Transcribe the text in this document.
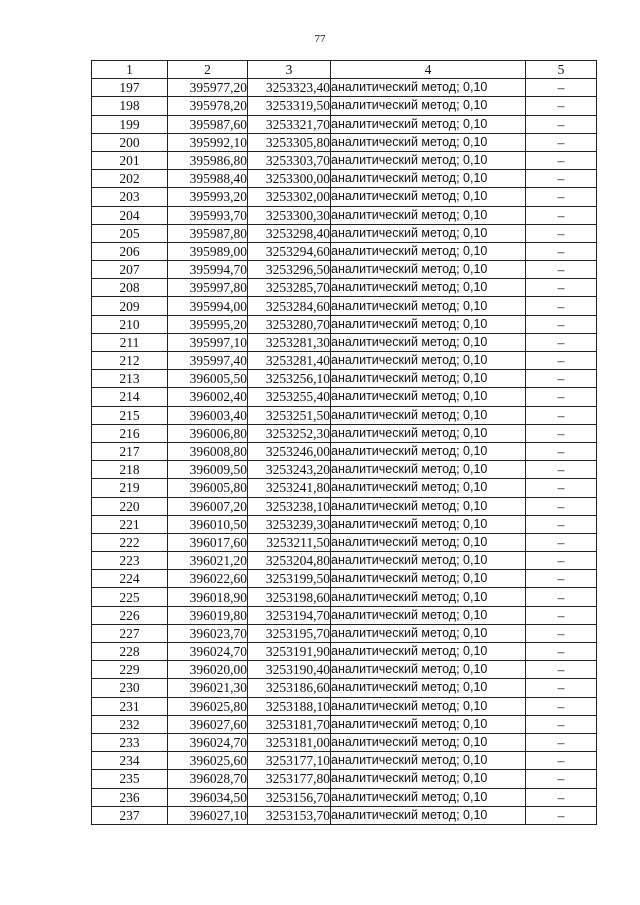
77
1	2	3	4	5
197	395977,20	3253323,40	аналитический метод; 0,10	–
198	395978,20	3253319,50	аналитический метод; 0,10	–
199	395987,60	3253321,70	аналитический метод; 0,10	–
200	395992,10	3253305,80	аналитический метод; 0,10	–
201	395986,80	3253303,70	аналитический метод; 0,10	–
202	395988,40	3253300,00	аналитический метод; 0,10	–
203	395993,20	3253302,00	аналитический метод; 0,10	–
204	395993,70	3253300,30	аналитический метод; 0,10	–
205	395987,80	3253298,40	аналитический метод; 0,10	–
206	395989,00	3253294,60	аналитический метод; 0,10	–
207	395994,70	3253296,50	аналитический метод; 0,10	–
208	395997,80	3253285,70	аналитический метод; 0,10	–
209	395994,00	3253284,60	аналитический метод; 0,10	–
210	395995,20	3253280,70	аналитический метод; 0,10	–
211	395997,10	3253281,30	аналитический метод; 0,10	–
212	395997,40	3253281,40	аналитический метод; 0,10	–
213	396005,50	3253256,10	аналитический метод; 0,10	–
214	396002,40	3253255,40	аналитический метод; 0,10	–
215	396003,40	3253251,50	аналитический метод; 0,10	–
216	396006,80	3253252,30	аналитический метод; 0,10	–
217	396008,80	3253246,00	аналитический метод; 0,10	–
218	396009,50	3253243,20	аналитический метод; 0,10	–
219	396005,80	3253241,80	аналитический метод; 0,10	–
220	396007,20	3253238,10	аналитический метод; 0,10	–
221	396010,50	3253239,30	аналитический метод; 0,10	–
222	396017,60	3253211,50	аналитический метод; 0,10	–
223	396021,20	3253204,80	аналитический метод; 0,10	–
224	396022,60	3253199,50	аналитический метод; 0,10	–
225	396018,90	3253198,60	аналитический метод; 0,10	–
226	396019,80	3253194,70	аналитический метод; 0,10	–
227	396023,70	3253195,70	аналитический метод; 0,10	–
228	396024,70	3253191,90	аналитический метод; 0,10	–
229	396020,00	3253190,40	аналитический метод; 0,10	–
230	396021,30	3253186,60	аналитический метод; 0,10	–
231	396025,80	3253188,10	аналитический метод; 0,10	–
232	396027,60	3253181,70	аналитический метод; 0,10	–
233	396024,70	3253181,00	аналитический метод; 0,10	–
234	396025,60	3253177,10	аналитический метод; 0,10	–
235	396028,70	3253177,80	аналитический метод; 0,10	–
236	396034,50	3253156,70	аналитический метод; 0,10	–
237	396027,10	3253153,70	аналитический метод; 0,10	–
